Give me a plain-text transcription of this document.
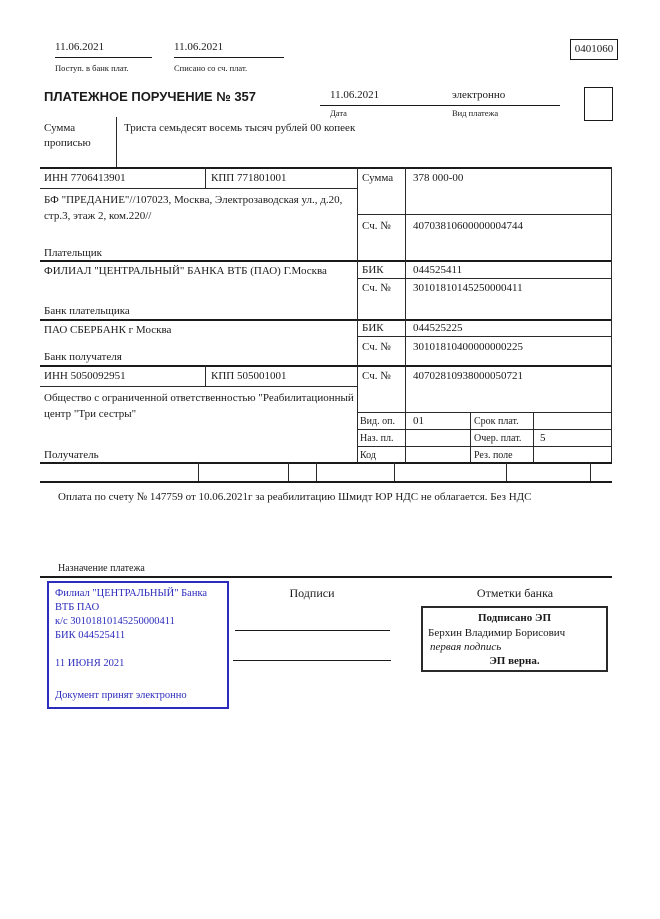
11.06.2021
Поступ. в банк плат.
11.06.2021
Списано со сч. плат.
0401060
ПЛАТЕЖНОЕ ПОРУЧЕНИЕ № 357	11.06.2021
Дата
электронно
Вид платежа
Сумма прописью
Триста семьдесят восемь тысяч рублей 00 копеек
ИНН 7706413901	КПП 771801001	Сумма 378 000-00
БФ "ПРЕДАНИЕ"//107023, Москва, Электрозаводская ул., д.20, стр.3, этаж 2, ком.220//
Сч. № 40703810600000004744
Плательщик
ФИЛИАЛ "ЦЕНТРАЛЬНЫЙ" БАНКА ВТБ (ПАО) Г.Москва	БИК	044525411
Сч. № 30101810145250000411
Банк плательщика
ПАО СБЕРБАНК г Москва	БИК	044525225
Сч. № 30101810400000000225
Банк получателя
ИНН 5050092951	КПП 505001001	Сч. № 40702810938000050721
Общество с ограниченной ответственностью "Реабилитационный центр "Три сестры"
Получатель
Вид. оп. 01	Срок плат.
Наз. пл.	Очер. плат. 5
Код	Рез. поле
Оплата по счету № 147759 от 10.06.2021г за реабилитацию Шмидт ЮР НДС не облагается. Без НДС
Назначение платежа

Филиал "ЦЕНТРАЛЬНЫЙ" Банка

ВТБ ПАО

к/с 30101810145250000411

БИК 044525411

11 ИЮНЯ 2021

Документ принят электронно

Подписи	Отметки банка
Подписано ЭП
Берхин Владимир Борисович
первая подпись
ЭП верна.
